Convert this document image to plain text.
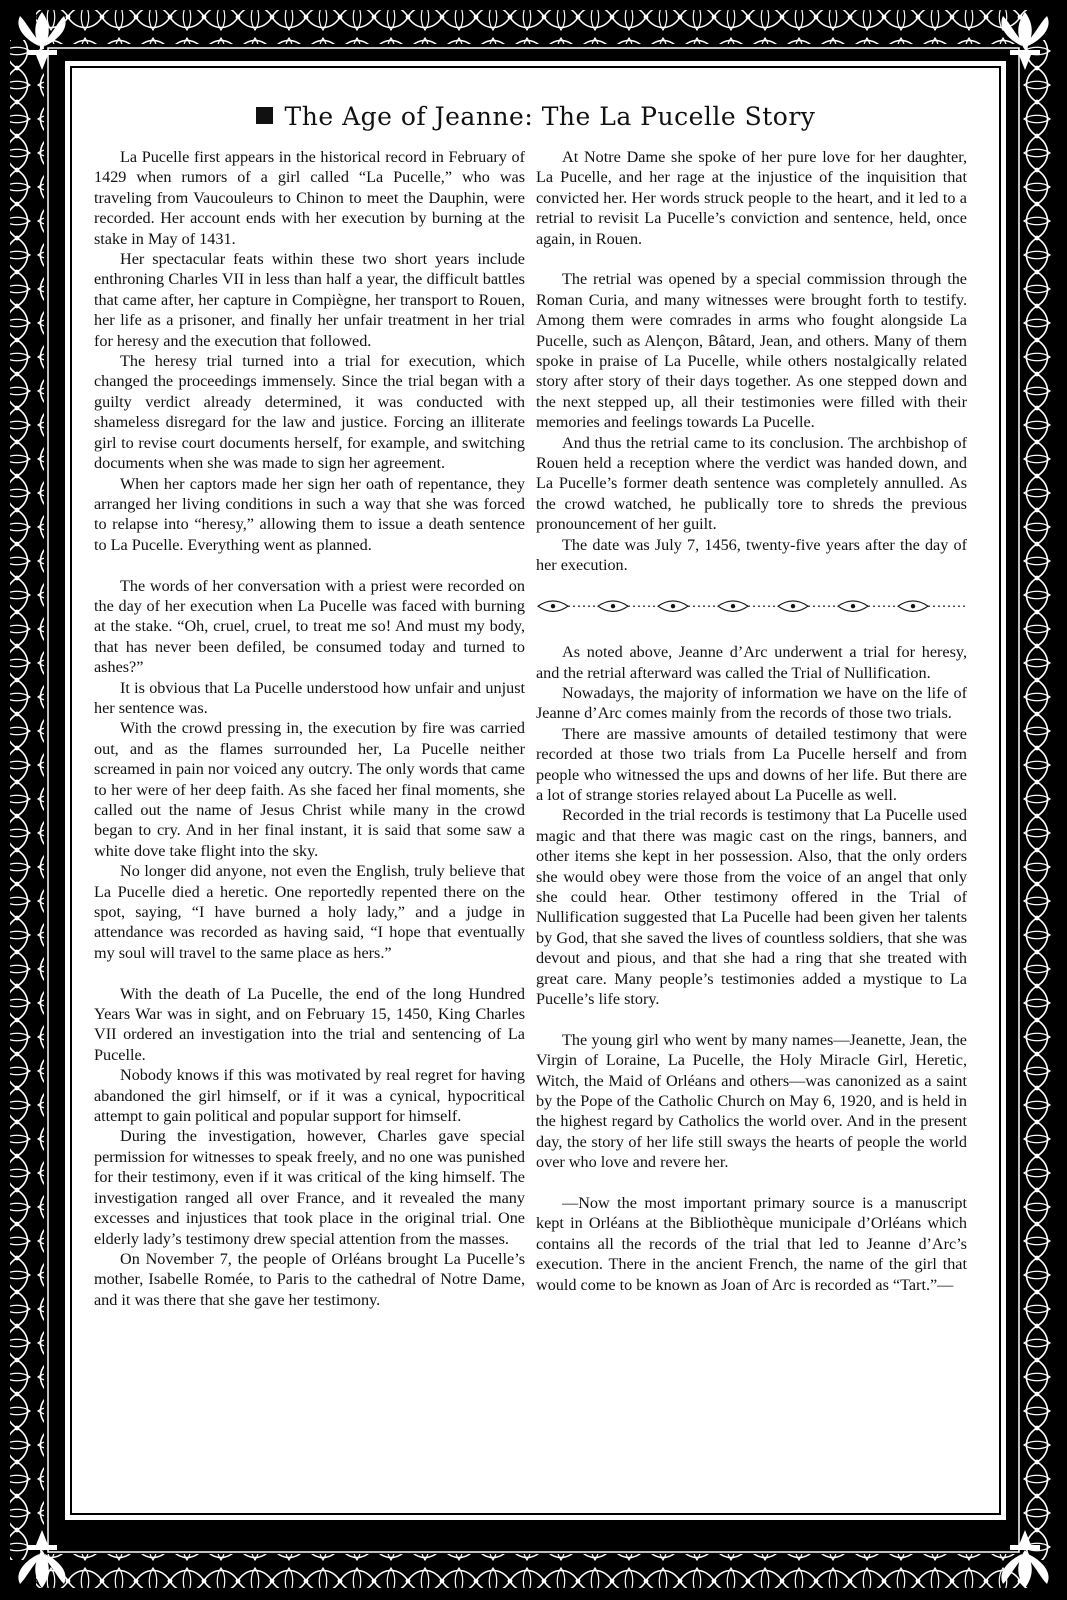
The Age of Jeanne: The La Pucelle Story

La Pucelle first appears in the historical record in February of 1429 when rumors of a girl called “La Pucelle,” who was traveling from Vaucouleurs to Chinon to meet the Dauphin, were recorded. Her account ends with her execution by burning at the stake in May of 1431.

Her spectacular feats within these two short years include enthroning Charles VII in less than half a year, the difficult battles that came after, her capture in Compiègne, her transport to Rouen, her life as a prisoner, and finally her unfair treatment in her trial for heresy and the execution that followed.

The heresy trial turned into a trial for execution, which changed the proceedings immensely. Since the trial began with a guilty verdict already determined, it was conducted with shameless disregard for the law and justice. Forcing an illiterate girl to revise court documents herself, for example, and switching documents when she was made to sign her agreement.

When her captors made her sign her oath of repentance, they arranged her living conditions in such a way that she was forced to relapse into “heresy,” allowing them to issue a death sentence to La Pucelle. Everything went as planned.

The words of her conversation with a priest were recorded on the day of her execution when La Pucelle was faced with burning at the stake. “Oh, cruel, cruel, to treat me so! And must my body, that has never been defiled, be consumed today and turned to ashes?”

It is obvious that La Pucelle understood how unfair and unjust her sentence was.

With the crowd pressing in, the execution by fire was carried out, and as the flames surrounded her, La Pucelle neither screamed in pain nor voiced any outcry. The only words that came to her were of her deep faith. As she faced her final moments, she called out the name of Jesus Christ while many in the crowd began to cry. And in her final instant, it is said that some saw a white dove take flight into the sky.

No longer did anyone, not even the English, truly believe that La Pucelle died a heretic. One reportedly repented there on the spot, saying, “I have burned a holy lady,” and a judge in attendance was recorded as having said, “I hope that eventually my soul will travel to the same place as hers.”

With the death of La Pucelle, the end of the long Hundred Years War was in sight, and on February 15, 1450, King Charles VII ordered an investigation into the trial and sentencing of La Pucelle.

Nobody knows if this was motivated by real regret for having abandoned the girl himself, or if it was a cynical, hypocritical attempt to gain political and popular support for himself.

During the investigation, however, Charles gave special permission for witnesses to speak freely, and no one was punished for their testimony, even if it was critical of the king himself. The investigation ranged all over France, and it revealed the many excesses and injustices that took place in the original trial. One elderly lady’s testimony drew special attention from the masses.

On November 7, the people of Orléans brought La Pucelle’s mother, Isabelle Romée, to Paris to the cathedral of Notre Dame, and it was there that she gave her testimony.

At Notre Dame she spoke of her pure love for her daughter, La Pucelle, and her rage at the injustice of the inquisition that convicted her. Her words struck people to the heart, and it led to a retrial to revisit La Pucelle’s conviction and sentence, held, once again, in Rouen.

The retrial was opened by a special commission through the Roman Curia, and many witnesses were brought forth to testify. Among them were comrades in arms who fought alongside La Pucelle, such as Alençon, Bâtard, Jean, and others. Many of them spoke in praise of La Pucelle, while others nostalgically related story after story of their days together. As one stepped down and the next stepped up, all their testimonies were filled with their memories and feelings towards La Pucelle.

And thus the retrial came to its conclusion. The archbishop of Rouen held a reception where the verdict was handed down, and La Pucelle’s former death sentence was completely annulled. As the crowd watched, he publically tore to shreds the previous pronouncement of her guilt.

The date was July 7, 1456, twenty-five years after the day of her execution.

As noted above, Jeanne d’Arc underwent a trial for heresy, and the retrial afterward was called the Trial of Nullification.

Nowadays, the majority of information we have on the life of Jeanne d’Arc comes mainly from the records of those two trials.

There are massive amounts of detailed testimony that were recorded at those two trials from La Pucelle herself and from people who witnessed the ups and downs of her life. But there are a lot of strange stories relayed about La Pucelle as well.

Recorded in the trial records is testimony that La Pucelle used magic and that there was magic cast on the rings, banners, and other items she kept in her possession. Also, that the only orders she would obey were those from the voice of an angel that only she could hear. Other testimony offered in the Trial of Nullification suggested that La Pucelle had been given her talents by God, that she saved the lives of countless soldiers, that she was devout and pious, and that she had a ring that she treated with great care. Many people’s testimonies added a mystique to La Pucelle’s life story.

The young girl who went by many names—Jeanette, Jean, the Virgin of Loraine, La Pucelle, the Holy Miracle Girl, Heretic, Witch, the Maid of Orléans and others—was canonized as a saint by the Pope of the Catholic Church on May 6, 1920, and is held in the highest regard by Catholics the world over. And in the present day, the story of her life still sways the hearts of people the world over who love and revere her.

—Now the most important primary source is a manuscript kept in Orléans at the Bibliothèque municipale d’Orléans which contains all the records of the trial that led to Jeanne d’Arc’s execution. There in the ancient French, the name of the girl that would come to be known as Joan of Arc is recorded as “Tart.”—
